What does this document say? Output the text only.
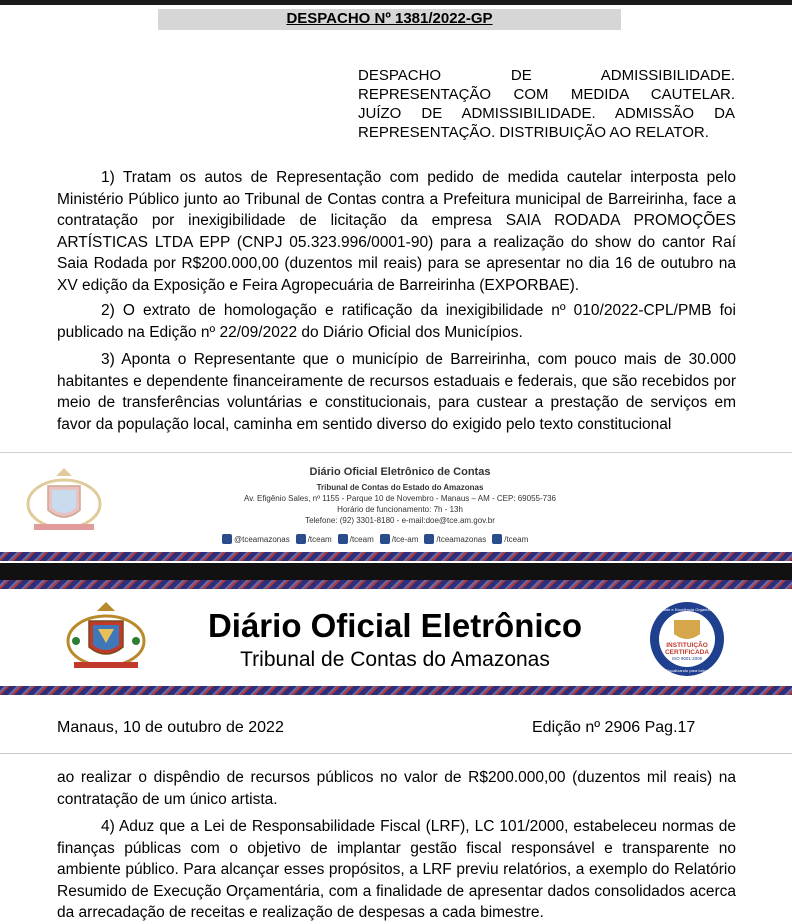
DESPACHO Nº 1381/2022-GP
DESPACHO DE ADMISSIBILIDADE.
REPRESENTAÇÃO COM MEDIDA CAUTELAR.
JUÍZO DE ADMISSIBILIDADE. ADMISSÃO DA
REPRESENTAÇÃO. DISTRIBUIÇÃO AO RELATOR.

1) Tratam os autos de Representação com pedido de medida cautelar interposta pelo Ministério Público junto ao Tribunal de Contas contra a Prefeitura municipal de Barreirinha, face a contratação por inexigibilidade de licitação da empresa SAIA RODADA PROMOÇÕES ARTÍSTICAS LTDA EPP (CNPJ 05.323.996/0001-90) para a realização do show do cantor Raí Saia Rodada por R$200.000,00 (duzentos mil reais) para se apresentar no dia 16 de outubro na XV edição da Exposição e Feira Agropecuária de Barreirinha (EXPORBAE).

2) O extrato de homologação e ratificação da inexigibilidade nº 010/2022-CPL/PMB foi publicado na Edição nº 22/09/2022 do Diário Oficial dos Municípios.

3) Aponta o Representante que o município de Barreirinha, com pouco mais de 30.000 habitantes e dependente financeiramente de recursos estaduais e federais, que são recebidos por meio de transferências voluntárias e constitucionais, para custear a prestação de serviços em favor da população local, caminha em sentido diverso do exigido pelo texto constitucional

Diário Oficial Eletrônico de Contas
Tribunal de Contas do Estado do Amazonas
Av. Efigênio Sales, nº 1155 - Parque 10 de Novembro - Manaus – AM - CEP: 69055-736
Horário de funcionamento: 7h - 13h
Telefone: (92) 3301-8180 - e-mail:doe@tce.am.gov.br
@tceamazonas /tceam /tceam /tce-am /tceamazonas /tceam
Diário Oficial Eletrônico
Tribunal de Contas do Amazonas
INSTITUIÇÃO
CERTIFICADA
ISO 9001:2008
Qualidade e Excelência Organizacional
Fiscalizando para todos
Manaus, 10 de outubro de 2022	Edição nº 2906 Pag.17

ao realizar o dispêndio de recursos públicos no valor de R$200.000,00 (duzentos mil reais) na contratação de um único artista.

4) Aduz que a Lei de Responsabilidade Fiscal (LRF), LC 101/2000, estabeleceu normas de finanças públicas com o objetivo de implantar gestão fiscal responsável e transparente no ambiente público. Para alcançar esses propósitos, a LRF previu relatórios, a exemplo do Relatório Resumido de Execução Orçamentária, com a finalidade de apresentar dados consolidados acerca da arrecadação de receitas e realização de despesas a cada bimestre.
